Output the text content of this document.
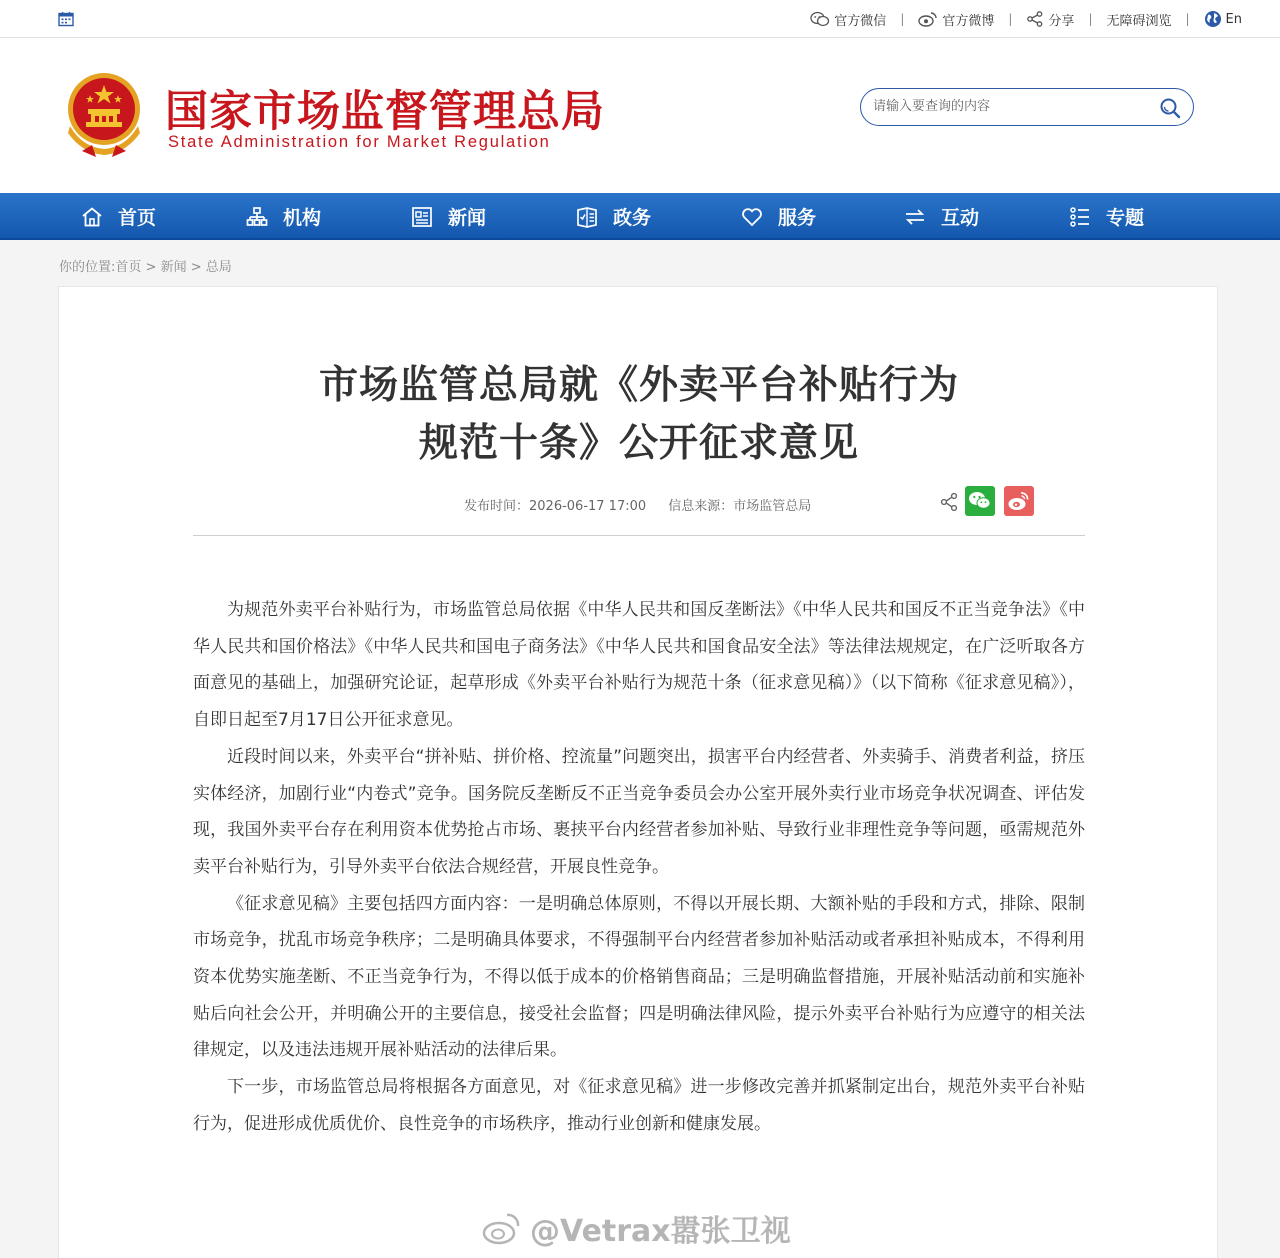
官方微信 |	官方微博 |	分享 | 无障碍浏览 |	En
国家市场监督管理总局
State Administration for Market Regulation
请输入要查询的内容
首页	机构	新闻	政务	服务	互动	专题
你的位置:首页 > 新闻 > 总局
市场监管总局就《外卖平台补贴行为
规范十条》公开征求意见
发布时间：2026-06-17 17:00 信息来源：市场监管总局

为规范外卖平台补贴行为，市场监管总局依据《中华人民共和国反垄断法》《中华人民共和国反不正当竞争法》《中华人民共和国价格法》《中华人民共和国电子商务法》《中华人民共和国食品安全法》等法律法规规定，在广泛听取各方面意见的基础上，加强研究论证，起草形成《外卖平台补贴行为规范十条（征求意见稿）》（以下简称《征求意见稿》），自即日起至7月17日公开征求意见。

近段时间以来，外卖平台“拼补贴、拼价格、控流量”问题突出，损害平台内经营者、外卖骑手、消费者利益，挤压实体经济，加剧行业“内卷式”竞争。国务院反垄断反不正当竞争委员会办公室开展外卖行业市场竞争状况调查、评估发现，我国外卖平台存在利用资本优势抢占市场、裹挟平台内经营者参加补贴、导致行业非理性竞争等问题，亟需规范外卖平台补贴行为，引导外卖平台依法合规经营，开展良性竞争。

《征求意见稿》主要包括四方面内容：一是明确总体原则，不得以开展长期、大额补贴的手段和方式，排除、限制市场竞争，扰乱市场竞争秩序；二是明确具体要求，不得强制平台内经营者参加补贴活动或者承担补贴成本，不得利用资本优势实施垄断、不正当竞争行为，不得以低于成本的价格销售商品；三是明确监督措施，开展补贴活动前和实施补贴后向社会公开，并明确公开的主要信息，接受社会监督；四是明确法律风险，提示外卖平台补贴行为应遵守的相关法律规定，以及违法违规开展补贴活动的法律后果。

下一步，市场监管总局将根据各方面意见，对《征求意见稿》进一步修改完善并抓紧制定出台，规范外卖平台补贴行为，促进形成优质优价、良性竞争的市场秩序，推动行业创新和健康发展。

@Vetrax嚣张卫视
